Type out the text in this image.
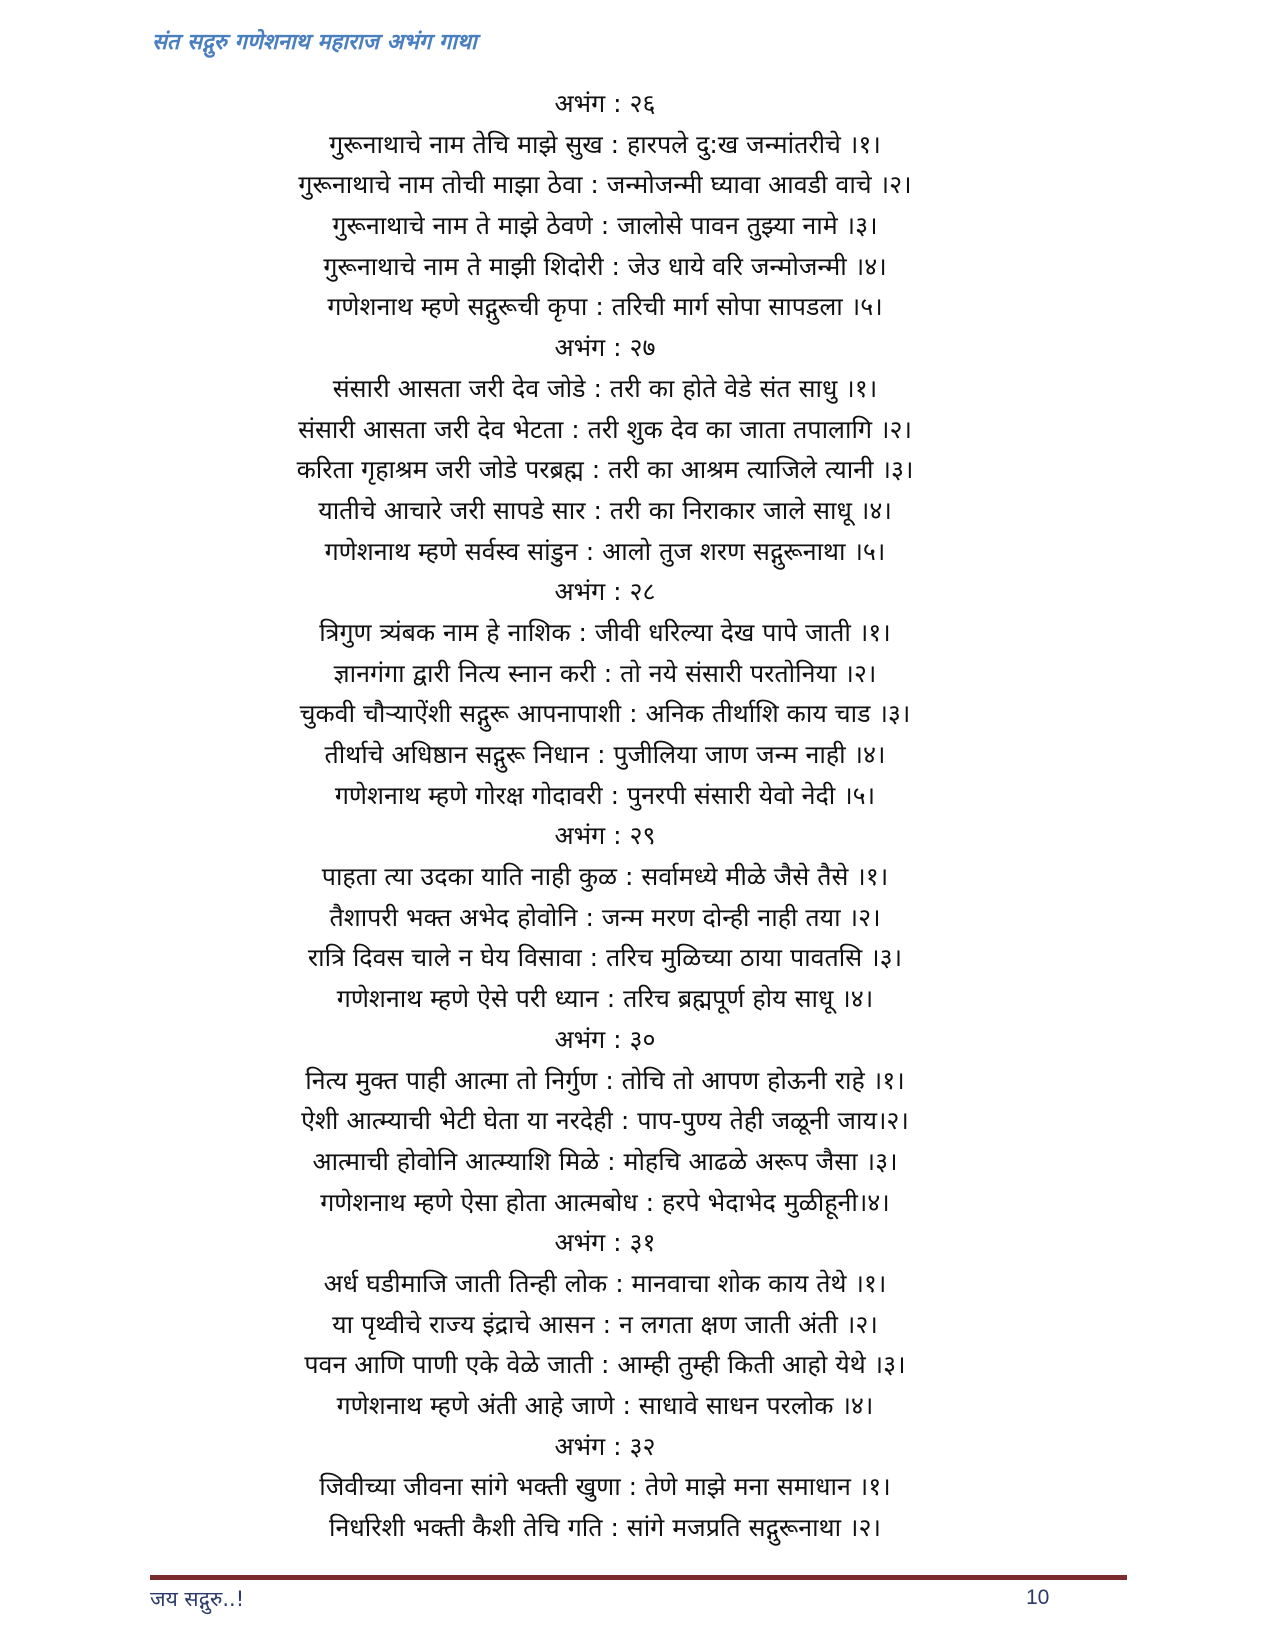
संत सद्गुरु गणेशनाथ महाराज अभंग गाथा
अभंग : २६
गुरूनाथाचे नाम तेचि माझे सुख : हारपले दु:ख जन्मांतरीचे ।१।
गुरूनाथाचे नाम तोची माझा ठेवा : जन्मोजन्मी घ्यावा आवडी वाचे ।२।
गुरूनाथाचे नाम ते माझे ठेवणे : जालोसे पावन तुझ्या नामे ।३।
गुरूनाथाचे नाम ते माझी शिदोरी : जेउ धाये वरि जन्मोजन्मी ।४।
गणेशनाथ म्हणे सद्गुरूची कृपा : तरिची मार्ग सोपा सापडला ।५।
अभंग : २७
संसारी आसता जरी देव जोडे : तरी का होते वेडे संत साधु ।१।
संसारी आसता जरी देव भेटता : तरी शुक देव का जाता तपालागि ।२।
करिता गृहाश्रम जरी जोडे परब्रह्म : तरी का आश्रम त्याजिले त्यानी ।३।
यातीचे आचारे जरी सापडे सार : तरी का निराकार जाले साधू ।४।
गणेशनाथ म्हणे सर्वस्व सांडुन : आलो तुज शरण सद्गुरूनाथा ।५।
अभंग : २८
त्रिगुण त्र्यंबक नाम हे नाशिक : जीवी धरिल्या देख पापे जाती ।१।
ज्ञानगंगा द्वारी नित्य स्नान करी : तो नये संसारी परतोनिया ।२।
चुकवी चौऱ्याऐंशी सद्गुरू आपनापाशी : अनिक तीर्थाशि काय चाड ।३।
तीर्थाचे अधिष्ठान सद्गुरू निधान : पुजीलिया जाण जन्म नाही ।४।
गणेशनाथ म्हणे गोरक्ष गोदावरी : पुनरपी संसारी येवो नेदी ।५।
अभंग : २९
पाहता त्या उदका याति नाही कुळ : सर्वामध्ये मीळे जैसे तैसे ।१।
तैशापरी भक्त अभेद होवोनि : जन्म मरण दोन्ही नाही तया ।२।
रात्रि दिवस चाले न घेय विसावा : तरिच मुळिच्या ठाया पावतसि ।३।
गणेशनाथ म्हणे ऐसे परी ध्यान : तरिच ब्रह्मपूर्ण होय साधू ।४।
अभंग : ३०
नित्य मुक्त पाही आत्मा तो निर्गुण : तोचि तो आपण होऊनी राहे ।१।
ऐशी आत्म्याची भेटी घेता या नरदेही : पाप-पुण्य तेही जळूनी जाय।२।
आत्माची होवोनि आत्म्याशि मिळे : मोहचि आढळे अरूप जैसा ।३।
गणेशनाथ म्हणे ऐसा होता आत्मबोध : हरपे भेदाभेद मुळीहूनी।४।
अभंग : ३१
अर्ध घडीमाजि जाती तिन्ही लोक : मानवाचा शोक काय तेथे ।१।
या पृथ्वीचे राज्य इंद्राचे आसन : न लगता क्षण जाती अंती ।२।
पवन आणि पाणी एके वेळे जाती : आम्ही तुम्ही किती आहो येथे ।३।
गणेशनाथ म्हणे अंती आहे जाणे : साधावे साधन परलोक ।४।
अभंग : ३२
जिवीच्या जीवना सांगे भक्ती खुणा : तेणे माझे मना समाधान ।१।
निर्धारेशी भक्ती कैशी तेचि गति : सांगे मजप्रति सद्गुरूनाथा ।२।
जय सद्गुरु..!	10
